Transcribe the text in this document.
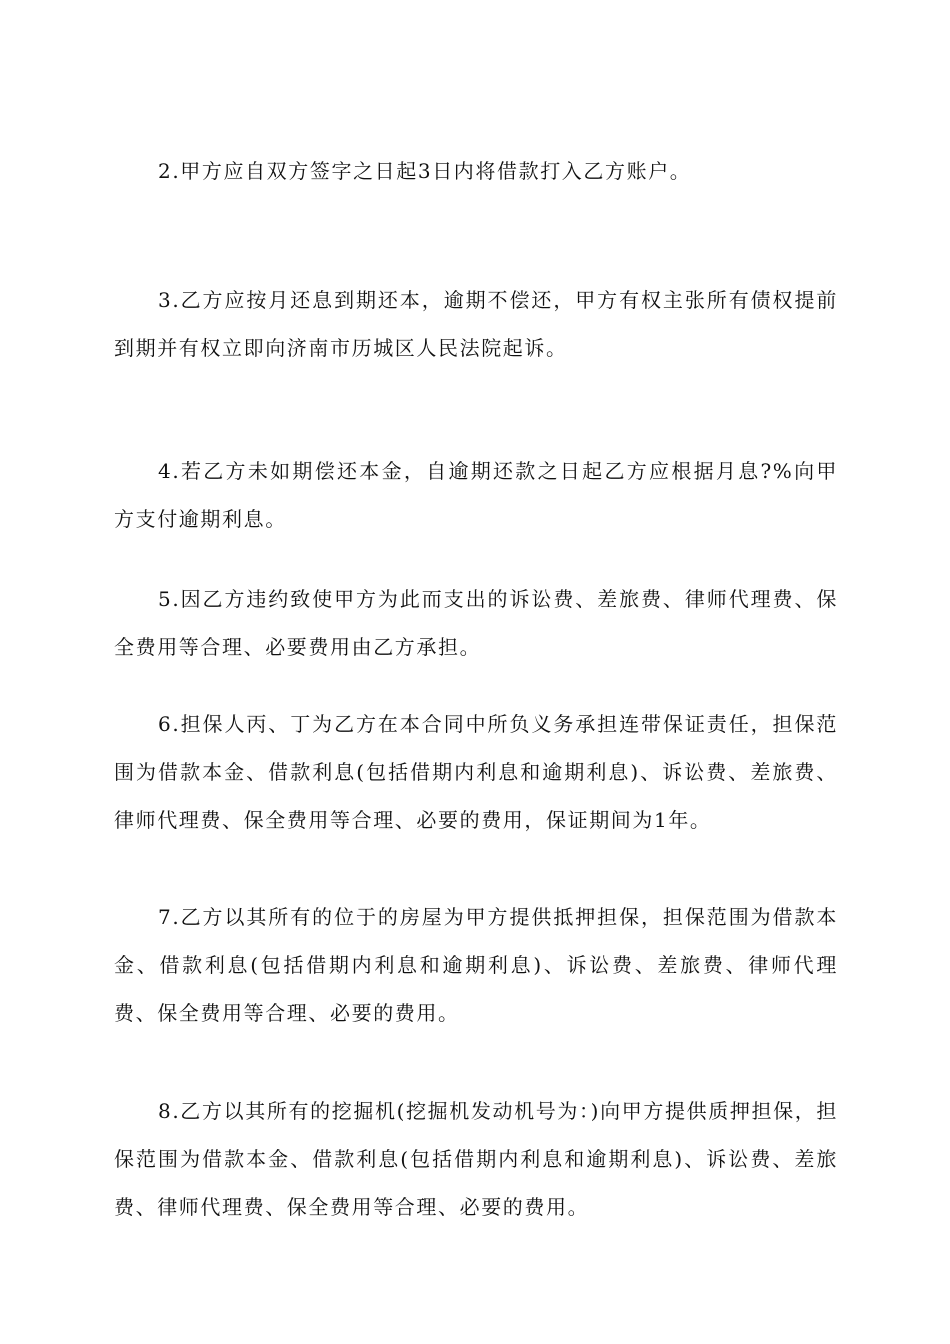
2.甲方应自双方签字之日起3日内将借款打入乙方账户。

3.乙方应按月还息到期还本，逾期不偿还，甲方有权主张所有债权提前到期并有权立即向济南市历城区人民法院起诉。

4.若乙方未如期偿还本金，自逾期还款之日起乙方应根据月息?%向甲方支付逾期利息。

5.因乙方违约致使甲方为此而支出的诉讼费、差旅费、律师代理费、保全费用等合理、必要费用由乙方承担。

6.担保人丙、丁为乙方在本合同中所负义务承担连带保证责任，担保范围为借款本金、借款利息(包括借期内利息和逾期利息)、诉讼费、差旅费、律师代理费、保全费用等合理、必要的费用，保证期间为1年。

7.乙方以其所有的位于的房屋为甲方提供抵押担保，担保范围为借款本金、借款利息(包括借期内利息和逾期利息)、诉讼费、差旅费、律师代理费、保全费用等合理、必要的费用。

8.乙方以其所有的挖掘机(挖掘机发动机号为：)向甲方提供质押担保，担保范围为借款本金、借款利息(包括借期内利息和逾期利息)、诉讼费、差旅费、律师代理费、保全费用等合理、必要的费用。
